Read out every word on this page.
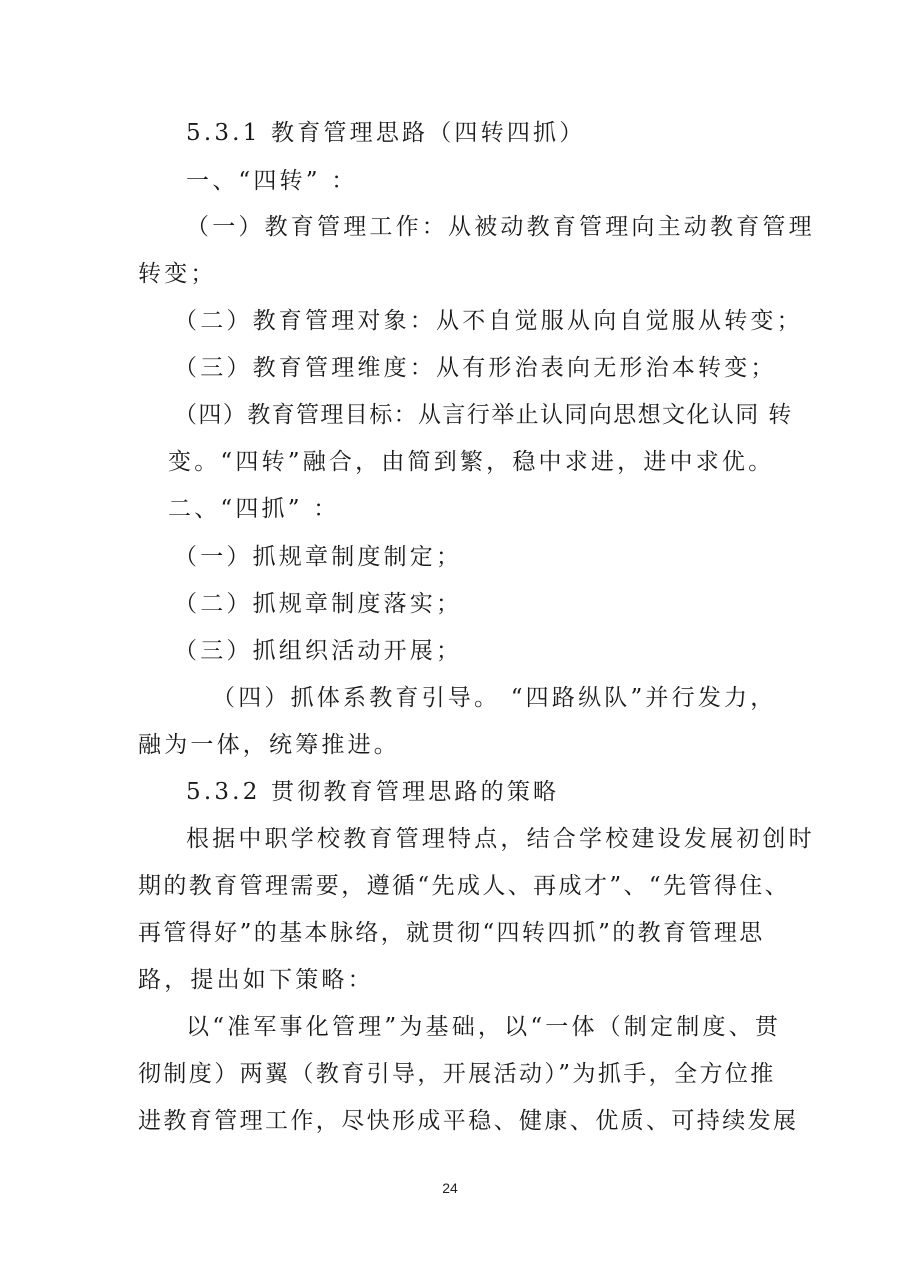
5.3.1 教育管理思路（四转四抓）
一、“四转” ：
（一）教育管理工作：从被动教育管理向主动教育管理
转变；
（二）教育管理对象：从不自觉服从向自觉服从转变；
（三）教育管理维度：从有形治表向无形治本转变；
（四）教育管理目标：从言行举止认同向思想文化认同 转
变。“四转”融合，由简到繁，稳中求进，进中求优。
二、“四抓” ：
（一）抓规章制度制定；
（二）抓规章制度落实；
（三）抓组织活动开展；
（四）抓体系教育引导。 “四路纵队”并行发力，
融为一体，统筹推进。
5.3.2 贯彻教育管理思路的策略
根据中职学校教育管理特点，结合学校建设发展初创时
期的教育管理需要，遵循“先成人、再成才”、“先管得住、
再管得好”的基本脉络，就贯彻“四转四抓”的教育管理思
路，提出如下策略：
以“准军事化管理”为基础，以“一体（制定制度、贯
彻制度）两翼（教育引导，开展活动）”为抓手，全方位推
进教育管理工作，尽快形成平稳、健康、优质、可持续发展
24
